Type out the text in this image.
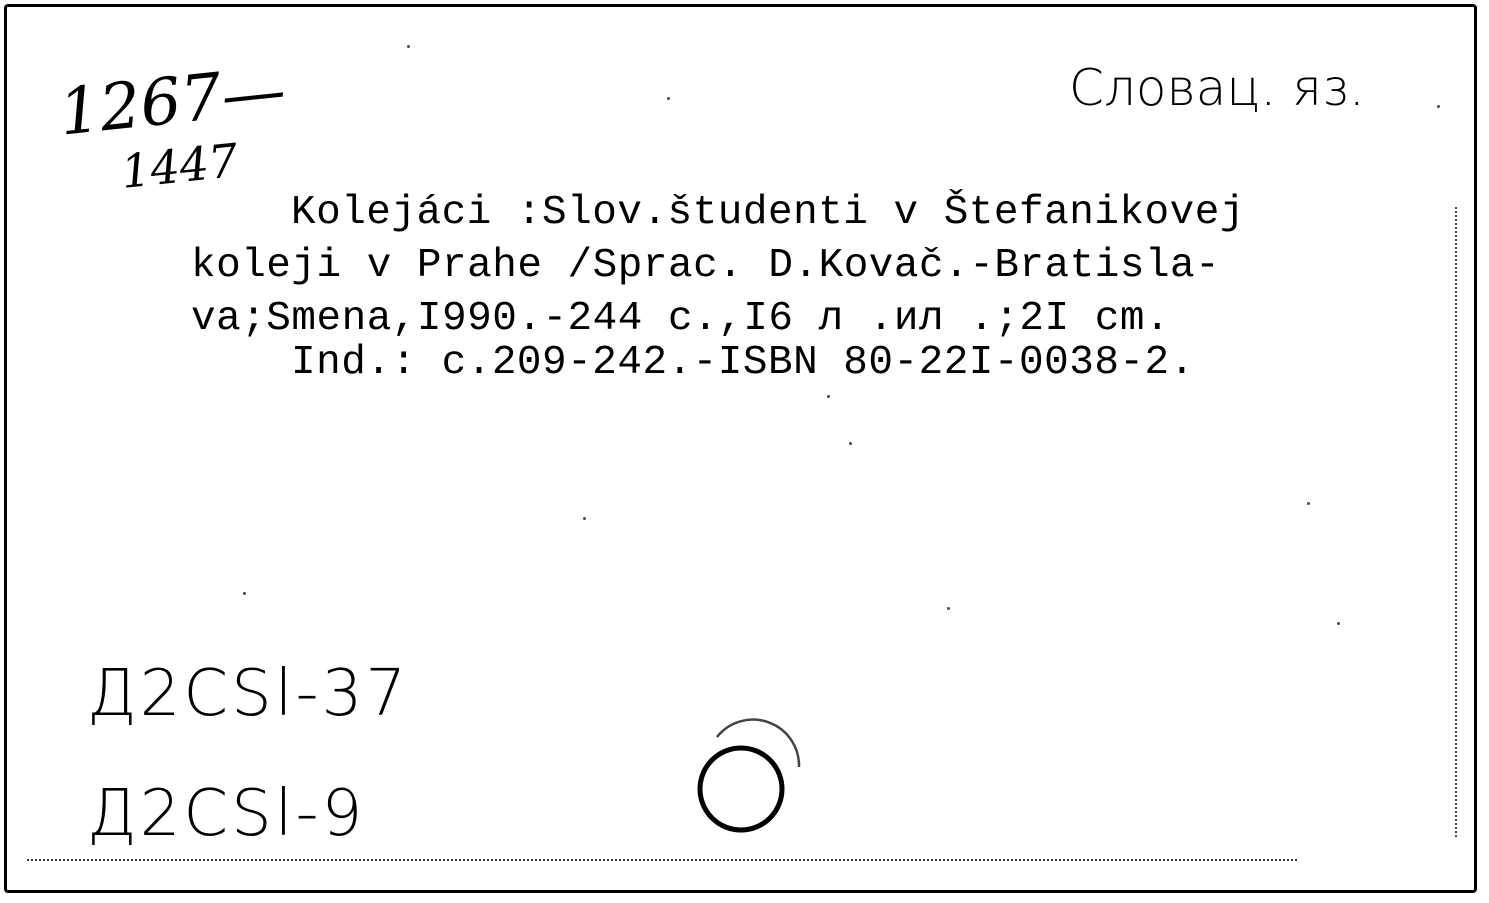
1267—
1447
Словац. яз.
Kolejáci :Slov.študenti v Štefanikovej
koleji v Prahe /Sprac. D.Kovač.-Bratisla-
va;Smena,I990.-244 c.,I6 л .ил .;2I cm.
Ind.: c.209-242.-ISBN 80-22I-0038-2.
Д2CSl-37
Д2CSl-9
